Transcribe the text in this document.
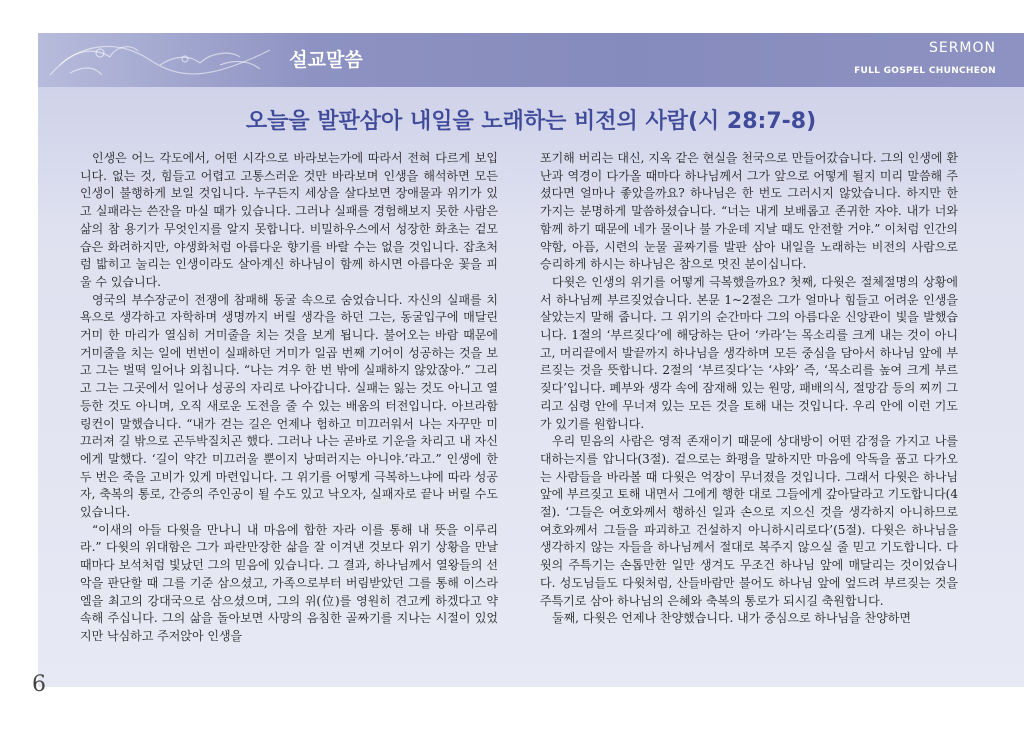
설교말씀
SERMON
FULL GOSPEL CHUNCHEON
오늘을 발판삼아 내일을 노래하는 비전의 사람(시 28:7-8)

인생은 어느 각도에서, 어떤 시각으로 바라보는가에 따라서 전혀 다르게 보입니다. 없는 것, 힘들고 어렵고 고통스러운 것만 바라보며 인생을 해석하면 모든 인생이 불행하게 보일 것입니다. 누구든지 세상을 살다보면 장애물과 위기가 있고 실패라는 쓴잔을 마실 때가 있습니다. 그러나 실패를 경험해보지 못한 사람은 삶의 참 용기가 무엇인지를 알지 못합니다. 비밀하우스에서 성장한 화초는 겉모습은 화려하지만, 야생화처럼 아름다운 향기를 바랄 수는 없을 것입니다. 잡초처럼 밟히고 눌리는 인생이라도 살아계신 하나님이 함께 하시면 아름다운 꽃을 피울 수 있습니다.

영국의 부수장군이 전쟁에 참패해 동굴 속으로 숨었습니다. 자신의 실패를 치욕으로 생각하고 자학하며 생명까지 버릴 생각을 하던 그는, 동굴입구에 매달린 거미 한 마리가 열심히 거미줄을 치는 것을 보게 됩니다. 불어오는 바람 때문에 거미줄을 치는 일에 번번이 실패하던 거미가 일곱 번째 기어이 성공하는 것을 보고 그는 벌떡 일어나 외칩니다. “나는 겨우 한 번 밖에 실패하지 않았잖아.” 그리고 그는 그곳에서 일어나 성공의 자리로 나아갑니다. 실패는 잃는 것도 아니고 열등한 것도 아니며, 오직 새로운 도전을 줄 수 있는 배움의 터전입니다. 아브라함 링컨이 말했습니다. “내가 걷는 길은 언제나 험하고 미끄러워서 나는 자꾸만 미끄러져 길 밖으로 곤두박질치곤 했다. 그러나 나는 곧바로 기운을 차리고 내 자신에게 말했다. ‘길이 약간 미끄러울 뿐이지 낭떠러지는 아니야.’라고.” 인생에 한두 번은 죽을 고비가 있게 마련입니다. 그 위기를 어떻게 극복하느냐에 따라 성공자, 축복의 통로, 간증의 주인공이 될 수도 있고 낙오자, 실패자로 끝나 버릴 수도 있습니다.

“이새의 아들 다윗을 만나니 내 마음에 합한 자라 이를 통해 내 뜻을 이루리라.” 다윗의 위대함은 그가 파란만장한 삶을 잘 이겨낸 것보다 위기 상황을 만날 때마다 보석처럼 빛났던 그의 믿음에 있습니다. 그 결과, 하나님께서 열왕들의 선악을 판단할 때 그를 기준 삼으셨고, 가족으로부터 버림받았던 그를 통해 이스라엘을 최고의 강대국으로 삼으셨으며, 그의 위(位)를 영원히 견고케 하겠다고 약속해 주십니다. 그의 삶을 돌아보면 사망의 음침한 골짜기를 지나는 시절이 있었지만 낙심하고 주저앉아 인생을

포기해 버리는 대신, 지옥 같은 현실을 천국으로 만들어갔습니다. 그의 인생에 환난과 역경이 다가올 때마다 하나님께서 그가 앞으로 어떻게 될지 미리 말씀해 주셨다면 얼마나 좋았을까요? 하나님은 한 번도 그러시지 않았습니다. 하지만 한 가지는 분명하게 말씀하셨습니다. “너는 내게 보배롭고 존귀한 자야. 내가 너와 함께 하기 때문에 네가 물이나 불 가운데 지날 때도 안전할 거야.” 이처럼 인간의 약함, 아픔, 시련의 눈물 골짜기를 발판 삼아 내일을 노래하는 비전의 사람으로 승리하게 하시는 하나님은 참으로 멋진 분이십니다.

다윗은 인생의 위기를 어떻게 극복했을까요? 첫째, 다윗은 절체절명의 상황에서 하나님께 부르짖었습니다. 본문 1~2절은 그가 얼마나 힘들고 어려운 인생을 살았는지 말해 줍니다. 그 위기의 순간마다 그의 아름다운 신앙관이 빛을 발했습니다. 1절의 ‘부르짖다’에 해당하는 단어 ‘카라’는 목소리를 크게 내는 것이 아니고, 머리끝에서 발끝까지 하나님을 생각하며 모든 중심을 담아서 하나님 앞에 부르짖는 것을 뜻합니다. 2절의 ‘부르짖다’는 ‘샤와’ 즉, ‘목소리를 높여 크게 부르짖다’입니다. 폐부와 생각 속에 잠재해 있는 원망, 패배의식, 절망감 등의 찌끼 그리고 심령 안에 무너져 있는 모든 것을 토해 내는 것입니다. 우리 안에 이런 기도가 있기를 원합니다.

우리 믿음의 사람은 영적 존재이기 때문에 상대방이 어떤 감정을 가지고 나를 대하는지를 압니다(3절). 겉으로는 화평을 말하지만 마음에 악독을 품고 다가오는 사람들을 바라볼 때 다윗은 억장이 무너졌을 것입니다. 그래서 다윗은 하나님 앞에 부르짖고 토해 내면서 그에게 행한 대로 그들에게 갚아달라고 기도합니다(4절). ‘그들은 여호와께서 행하신 일과 손으로 지으신 것을 생각하지 아니하므로 여호와께서 그들을 파괴하고 건설하지 아니하시리로다’(5절). 다윗은 하나님을 생각하지 않는 자들을 하나님께서 절대로 복주지 않으실 줄 믿고 기도합니다. 다윗의 주특기는 손톱만한 일만 생겨도 무조건 하나님 앞에 매달리는 것이었습니다. 성도님들도 다윗처럼, 산들바람만 불어도 하나님 앞에 엎드려 부르짖는 것을 주특기로 삼아 하나님의 은혜와 축복의 통로가 되시길 축원합니다.

둘째, 다윗은 언제나 찬양했습니다. 내가 중심으로 하나님을 찬양하면

6
